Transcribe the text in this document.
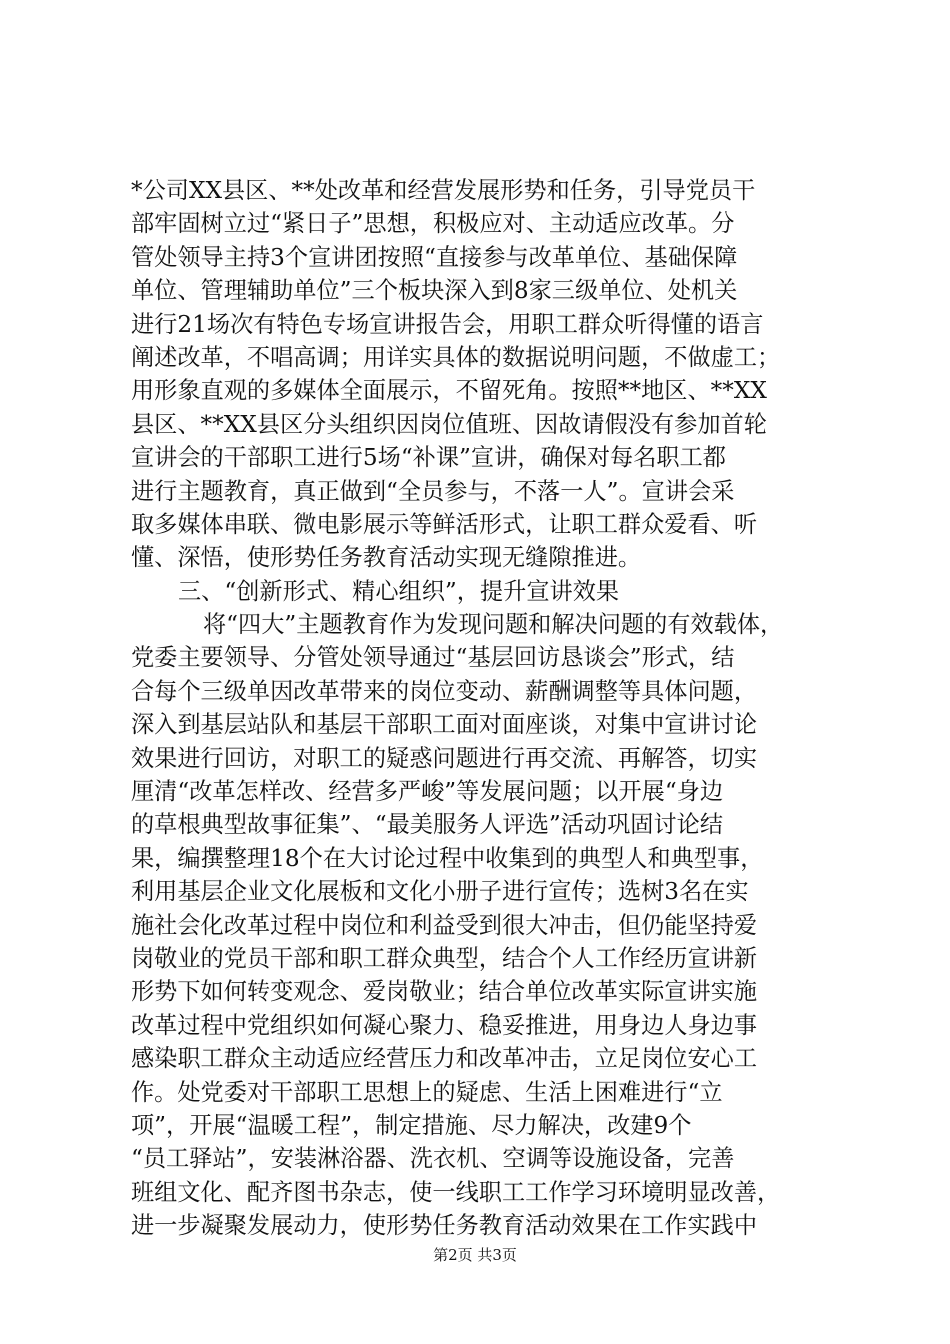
*公司XX县区、**处改革和经营发展形势和任务，引导党员干
部牢固树立过“紧日子”思想，积极应对、主动适应改革。分
管处领导主持3个宣讲团按照“直接参与改革单位、基础保障
单位、管理辅助单位”三个板块深入到8家三级单位、处机关
进行21场次有特色专场宣讲报告会，用职工群众听得懂的语言
阐述改革，不唱高调；用详实具体的数据说明问题，不做虚工；
用形象直观的多媒体全面展示，不留死角。按照**地区、**XX
县区、**XX县区分头组织因岗位值班、因故请假没有参加首轮
宣讲会的干部职工进行5场“补课”宣讲，确保对每名职工都
进行主题教育，真正做到“全员参与，不落一人”。宣讲会采
取多媒体串联、微电影展示等鲜活形式，让职工群众爱看、听
懂、深悟，使形势任务教育活动实现无缝隙推进。
三、“创新形式、精心组织”，提升宣讲效果
将“四大”主题教育作为发现问题和解决问题的有效载体，
党委主要领导、分管处领导通过“基层回访恳谈会”形式，结
合每个三级单因改革带来的岗位变动、薪酬调整等具体问题，
深入到基层站队和基层干部职工面对面座谈，对集中宣讲讨论
效果进行回访，对职工的疑惑问题进行再交流、再解答，切实
厘清“改革怎样改、经营多严峻”等发展问题；以开展“身边
的草根典型故事征集”、“最美服务人评选”活动巩固讨论结
果，编撰整理18个在大讨论过程中收集到的典型人和典型事，
利用基层企业文化展板和文化小册子进行宣传；选树3名在实
施社会化改革过程中岗位和利益受到很大冲击，但仍能坚持爱
岗敬业的党员干部和职工群众典型，结合个人工作经历宣讲新
形势下如何转变观念、爱岗敬业；结合单位改革实际宣讲实施
改革过程中党组织如何凝心聚力、稳妥推进，用身边人身边事
感染职工群众主动适应经营压力和改革冲击，立足岗位安心工
作。处党委对干部职工思想上的疑虑、生活上困难进行“立
项”，开展“温暖工程”，制定措施、尽力解决，改建9个
“员工驿站”，安装淋浴器、洗衣机、空调等设施设备，完善
班组文化、配齐图书杂志，使一线职工工作学习环境明显改善，
进一步凝聚发展动力，使形势任务教育活动效果在工作实践中
第2页 共3页
